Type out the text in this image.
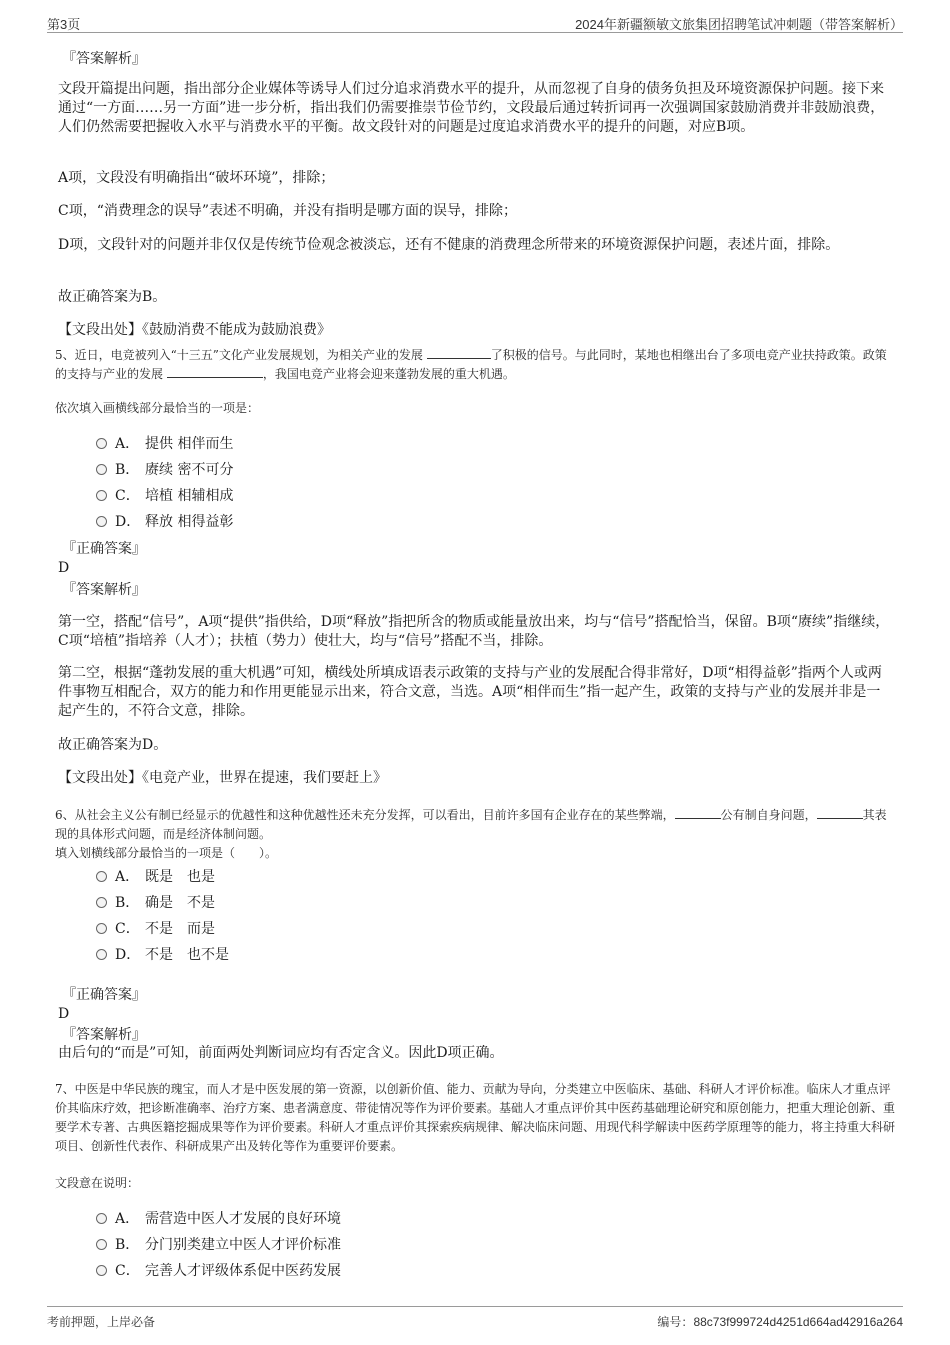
第3页	2024年新疆额敏文旅集团招聘笔试冲刺题（带答案解析）

『答案解析』

文段开篇提出问题，指出部分企业媒体等诱导人们过分追求消费水平的提升，从而忽视了自身的债务负担及环境资源保护问题。接下来通过“一方面……另一方面”进一步分析，指出我们仍需要推崇节俭节约，文段最后通过转折词再一次强调国家鼓励消费并非鼓励浪费，人们仍然需要把握收入水平与消费水平的平衡。故文段针对的问题是过度追求消费水平的提升的问题，对应B项。

A项，文段没有明确指出“破坏环境”，排除；

C项，“消费理念的误导”表述不明确，并没有指明是哪方面的误导，排除；

D项，文段针对的问题并非仅仅是传统节俭观念被淡忘，还有不健康的消费理念所带来的环境资源保护问题，表述片面，排除。

故正确答案为B。

【文段出处】《鼓励消费不能成为鼓励浪费》

5、近日，电竞被列入“十三五”文化产业发展规划，为相关产业的发展	了积极的信号。与此同时，某地也相继出台了多项电竞产业扶持政策。政策的支持与产业的发展	，我国电竞产业将会迎来蓬勃发展的重大机遇。

依次填入画横线部分最恰当的一项是：

A． 提供 相伴而生
B． 赓续 密不可分
C． 培植 相辅相成
D． 释放 相得益彰

『正确答案』

D

『答案解析』

第一空，搭配“信号”，A项“提供”指供给，D项“释放”指把所含的物质或能量放出来，均与“信号”搭配恰当，保留。B项“赓续”指继续，C项“培植”指培养（人才）；扶植（势力）使壮大，均与“信号”搭配不当，排除。

第二空，根据“蓬勃发展的重大机遇”可知，横线处所填成语表示政策的支持与产业的发展配合得非常好，D项“相得益彰”指两个人或两件事物互相配合，双方的能力和作用更能显示出来，符合文意，当选。A项“相伴而生”指一起产生，政策的支持与产业的发展并非是一起产生的，不符合文意，排除。

故正确答案为D。

【文段出处】《电竞产业，世界在提速，我们要赶上》

6、从社会主义公有制已经显示的优越性和这种优越性还未充分发挥，可以看出，目前许多国有企业存在的某些弊端，	公有制自身问题，	其表现的具体形式问题，而是经济体制问题。

填入划横线部分最恰当的一项是（　　）。

A． 既是 也是
B． 确是 不是
C． 不是 而是
D． 不是 也不是

『正确答案』

D

『答案解析』

由后句的“而是”可知，前面两处判断词应均有否定含义。因此D项正确。

7、中医是中华民族的瑰宝，而人才是中医发展的第一资源，以创新价值、能力、贡献为导向，分类建立中医临床、基础、科研人才评价标准。临床人才重点评价其临床疗效，把诊断准确率、治疗方案、患者满意度、带徒情况等作为评价要素。基础人才重点评价其中医药基础理论研究和原创能力，把重大理论创新、重要学术专著、古典医籍挖掘成果等作为评价要素。科研人才重点评价其探索疾病规律、解决临床问题、用现代科学解读中医药学原理等的能力，将主持重大科研项目、创新性代表作、科研成果产出及转化等作为重要评价要素。

文段意在说明：

A． 需营造中医人才发展的良好环境
B． 分门别类建立中医人才评价标准
C． 完善人才评级体系促中医药发展
考前押题，上岸必备	编号：88c73f999724d4251d664ad42916a264
